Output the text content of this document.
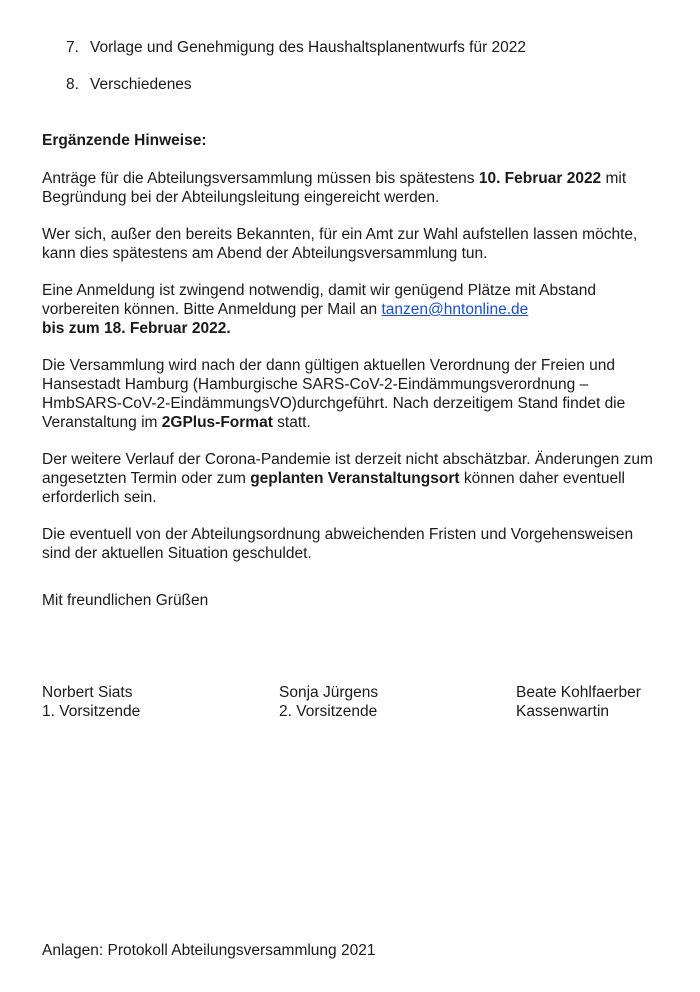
7. Vorlage und Genehmigung des Haushaltsplanentwurfs für 2022
8. Verschiedenes

Ergänzende Hinweise:

Anträge für die Abteilungsversammlung müssen bis spätestens 10. Februar 2022 mit Begründung bei der Abteilungsleitung eingereicht werden.

Wer sich, außer den bereits Bekannten, für ein Amt zur Wahl aufstellen lassen möchte, kann dies spätestens am Abend der Abteilungsversammlung tun.

Eine Anmeldung ist zwingend notwendig, damit wir genügend Plätze mit Abstand vorbereiten können. Bitte Anmeldung per Mail an tanzen@hntonline.de
bis zum 18. Februar 2022.

Die Versammlung wird nach der dann gültigen aktuellen Verordnung der Freien und Hansestadt Hamburg (Hamburgische SARS-CoV-2-Eindämmungsverordnung – HmbSARS-CoV-2-EindämmungsVO)durchgeführt. Nach derzeitigem Stand findet die Veranstaltung im 2GPlus-Format statt.

Der weitere Verlauf der Corona-Pandemie ist derzeit nicht abschätzbar. Änderungen zum angesetzten Termin oder zum geplanten Veranstaltungsort können daher eventuell erforderlich sein.

Die eventuell von der Abteilungsordnung abweichenden Fristen und Vorgehensweisen sind der aktuellen Situation geschuldet.

Mit freundlichen Grüßen

Norbert Siats
1. Vorsitzende
Sonja Jürgens
2. Vorsitzende
Beate Kohlfaerber
Kassenwartin

Anlagen: Protokoll Abteilungsversammlung 2021
